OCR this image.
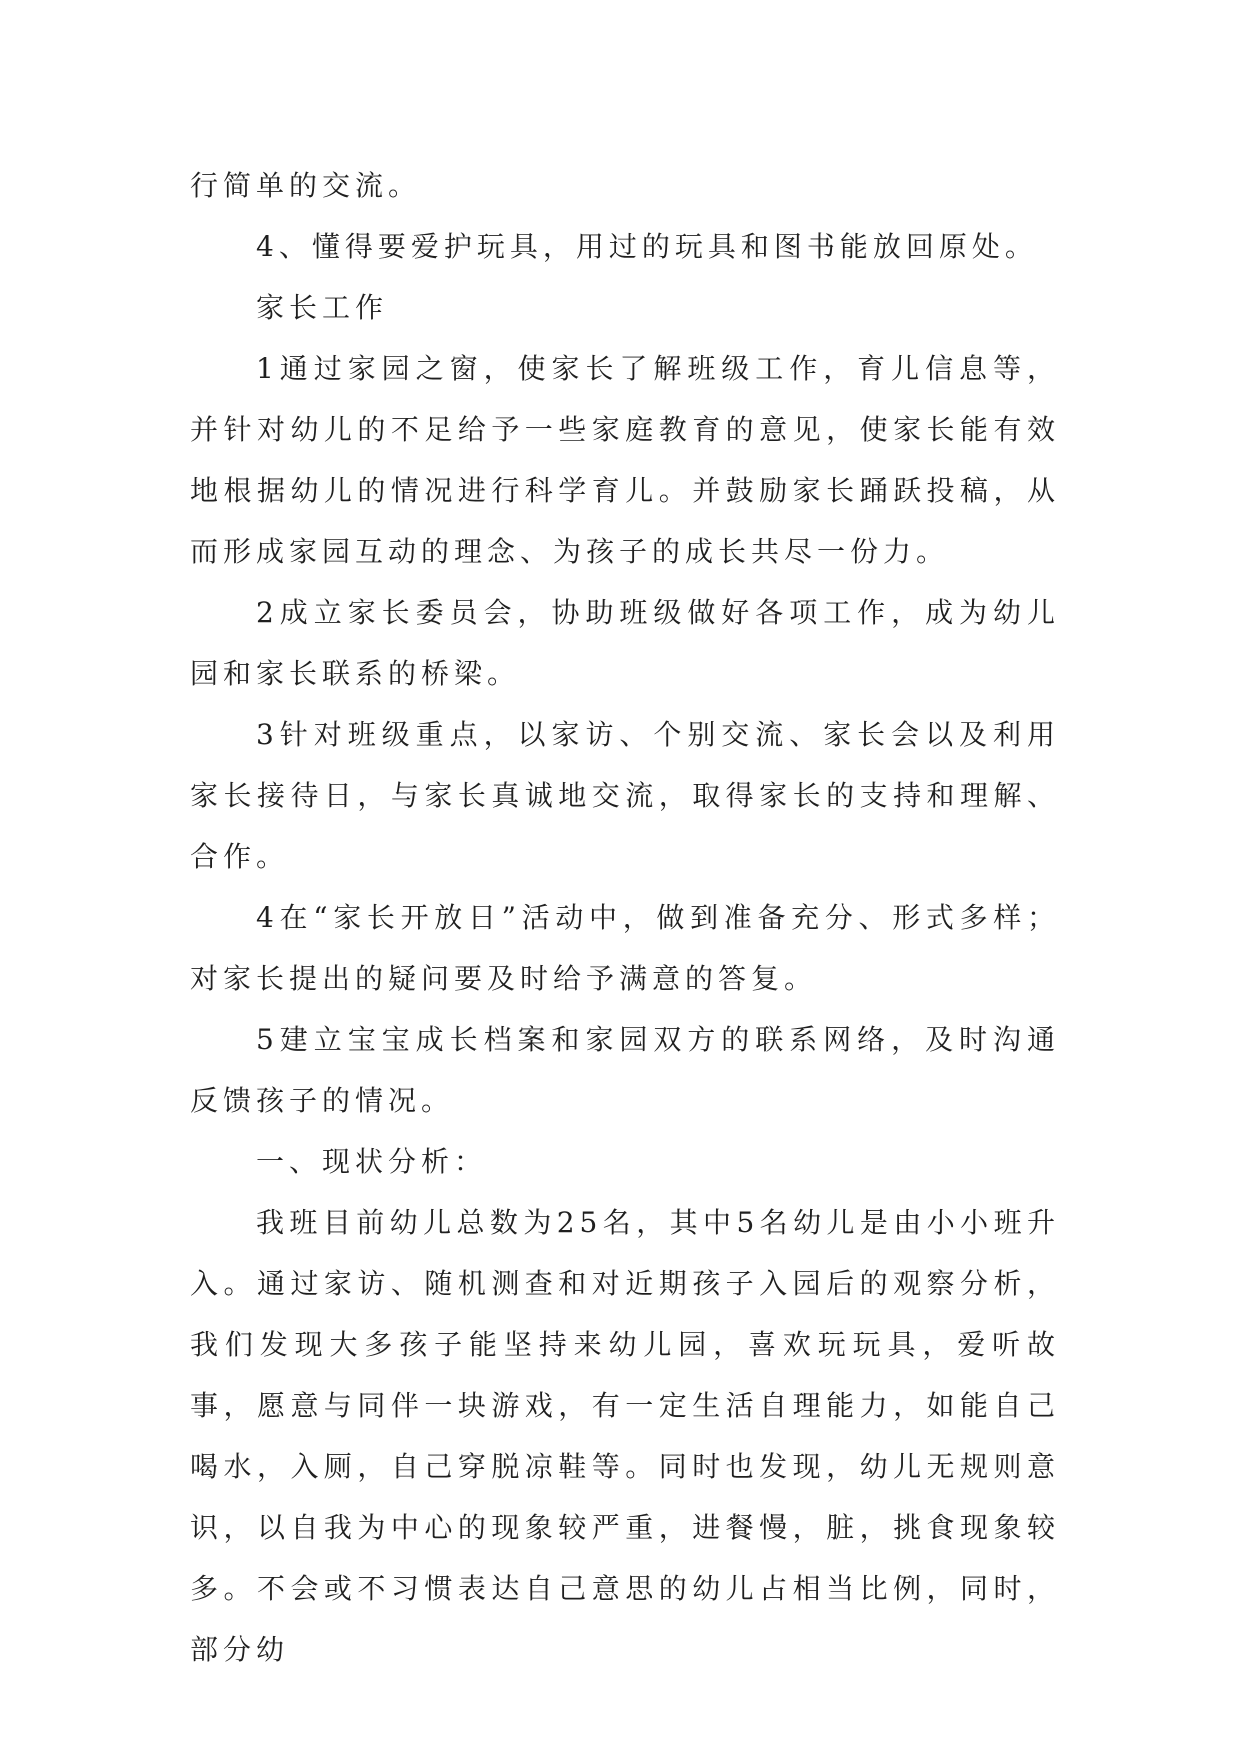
行简单的交流。

4、懂得要爱护玩具，用过的玩具和图书能放回原处。

家长工作

1通过家园之窗，使家长了解班级工作，育儿信息等，并针对幼儿的不足给予一些家庭教育的意见，使家长能有效地根据幼儿的情况进行科学育儿。并鼓励家长踊跃投稿，从而形成家园互动的理念、为孩子的成长共尽一份力。

2成立家长委员会，协助班级做好各项工作，成为幼儿园和家长联系的桥梁。

3针对班级重点，以家访、个别交流、家长会以及利用家长接待日，与家长真诚地交流，取得家长的支持和理解、合作。

4在“家长开放日”活动中，做到准备充分、形式多样；对家长提出的疑问要及时给予满意的答复。

5建立宝宝成长档案和家园双方的联系网络，及时沟通反馈孩子的情况。

一、现状分析：

我班目前幼儿总数为25名，其中5名幼儿是由小小班升入。通过家访、随机测查和对近期孩子入园后的观察分析，我们发现大多孩子能坚持来幼儿园，喜欢玩玩具，爱听故事，愿意与同伴一块游戏，有一定生活自理能力，如能自己喝水，入厕，自己穿脱凉鞋等。同时也发现，幼儿无规则意识，以自我为中心的现象较严重，进餐慢，脏，挑食现象较多。不会或不习惯表达自己意思的幼儿占相当比例，同时，部分幼
